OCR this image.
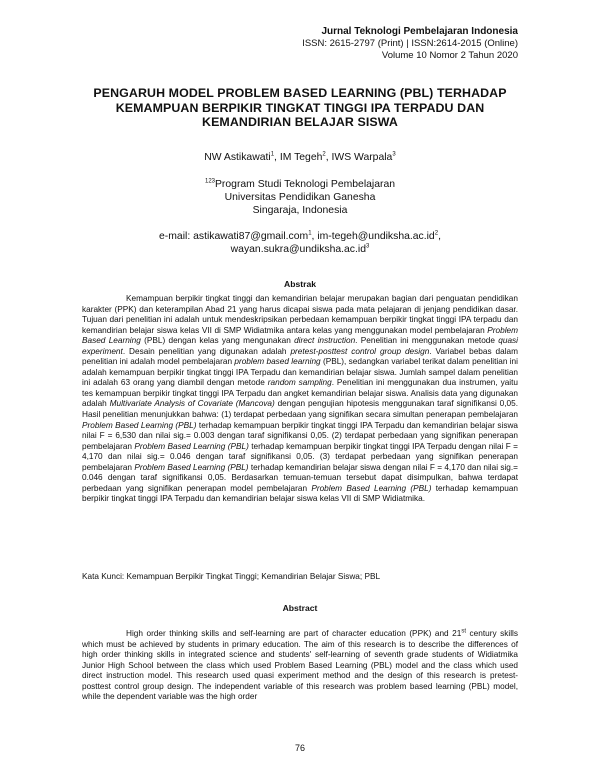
Jurnal Teknologi Pembelajaran Indonesia
ISSN: 2615-2797 (Print) | ISSN:2614-2015 (Online)
Volume 10 Nomor 2 Tahun 2020
PENGARUH MODEL PROBLEM BASED LEARNING (PBL) TERHADAP
KEMAMPUAN BERPIKIR TINGKAT TINGGI IPA TERPADU DAN
KEMANDIRIAN BELAJAR SISWA
NW Astikawati$^1$, IM Tegeh$^2$, IWS Warpala$^3$
$^{123}$Program Studi Teknologi Pembelajaran
Universitas Pendidikan Ganesha
Singaraja, Indonesia
e-mail: astikawati87@gmail.com$^1$, $im-tegeh@undiksha.ac.id^2$,
$wayan.sukra@undiksha.ac.id^3$
Abstrak
Kemampuan berpikir tingkat tinggi dan kemandirian belajar merupakan bagian dari penguatan pendidikan karakter (PPK) dan keterampilan Abad 21 yang harus dicapai siswa pada mata pelajaran di jenjang pendidikan dasar. Tujuan dari penelitian ini adalah untuk mendeskripsikan perbedaan kemampuan berpikir tingkat tinggi IPA terpadu dan kemandirian belajar siswa kelas VII di SMP Widiatmika antara kelas yang menggunakan model pembelajaran Problem Based Learning (PBL) dengan kelas yang mengunakan direct instruction. Penelitian ini menggunakan metode quasi experiment. Desain penelitian yang digunakan adalah pretest-posttest control group design. Variabel bebas dalam penelitian ini adalah model pembelajaran problem based learning (PBL), sedangkan variabel terikat dalam penelitian ini adalah kemampuan berpikir tingkat tinggi IPA Terpadu dan kemandirian belajar siswa. Jumlah sampel dalam penelitian ini adalah 63 orang yang diambil dengan metode random sampling. Penelitian ini menggunakan dua instrumen, yaitu tes kemampuan berpikir tingkat tinggi IPA Terpadu dan angket kemandirian belajar siswa. Analisis data yang digunakan adalah Multivariate Analysis of Covariate (Mancova) dengan pengujian hipotesis menggunakan taraf signifikansi 0,05. Hasil penelitian menunjukkan bahwa: (1) terdapat perbedaan yang signifikan secara simultan penerapan pembelajaran Problem Based Learning (PBL) terhadap kemampuan berpikir tingkat tinggi IPA Terpadu dan kemandirian belajar siswa nilai F = 6,530 dan nilai sig.= 0.003 dengan taraf signifikansi 0,05. (2) terdapat perbedaan yang signifikan penerapan pembelajaran Problem Based Learning (PBL) terhadap kemampuan berpikir tingkat tinggi IPA Terpadu dengan nilai F = 4,170 dan nilai sig.= 0.046 dengan taraf signifikansi 0,05. (3) terdapat perbedaan yang signifikan penerapan pembelajaran Problem Based Learning (PBL) terhadap kemandirian belajar siswa dengan nilai F = 4,170 dan nilai sig.= 0.046 dengan taraf signifikansi 0,05. Berdasarkan temuan-temuan tersebut dapat disimpulkan, bahwa terdapat perbedaan yang signifikan penerapan model pembelajaran Problem Based Learning (PBL) terhadap kemampuan berpikir tingkat tinggi IPA Terpadu dan kemandirian belajar siswa kelas VII di SMP Widiatmika.
Kata Kunci: Kemampuan Berpikir Tingkat Tinggi; Kemandirian Belajar Siswa; PBL
Abstract
High order thinking skills and self-learning are part of character education (PPK) and 21st century skills which must be achieved by students in primary education. The aim of this research is to describe the differences of high order thinking skills in integrated science and students' self-learning of seventh grade students of Widiatmika Junior High School between the class which used Problem Based Learning (PBL) model and the class which used direct instruction model. This research used quasi experiment method and the design of this research is pretest-posttest control group design. The independent variable of this research was problem based learning (PBL) model, while the dependent variable was the high order
76
